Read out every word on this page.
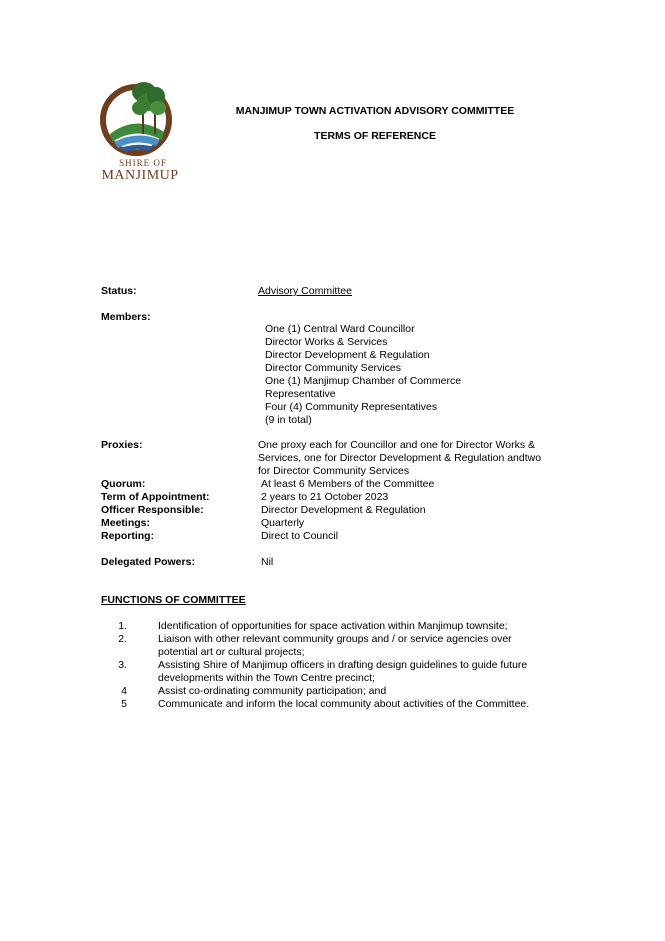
SHIRE OF
MANJIMUP
MANJIMUP TOWN ACTIVATION ADVISORY COMMITTEE
TERMS OF REFERENCE
Status:	Advisory Committee
Members:
One (1) Central Ward Councillor
Director Works & Services
Director Development & Regulation
Director Community Services
One (1) Manjimup Chamber of Commerce
Representative
Four (4) Community Representatives
(9 in total)
Proxies:	One proxy each for Councillor and one for Director Works &
Services, one for Director Development & Regulation andtwo
for Director Community Services
Quorum:	At least 6 Members of the Committee
Term of Appointment:	2 years to 21 October 2023
Officer Responsible:	Director Development & Regulation
Meetings:	Quarterly
Reporting:	Direct to Council
Delegated Powers:	Nil
FUNCTIONS OF COMMITTEE
1.	Identification of opportunities for space activation within Manjimup townsite;
2.	Liaison with other relevant community groups and / or service agencies over
potential art or cultural projects;
3.	Assisting Shire of Manjimup officers in drafting design guidelines to guide future
developments within the Town Centre precinct;
4	Assist co-ordinating community participation; and
5	Communicate and inform the local community about activities of the Committee.
